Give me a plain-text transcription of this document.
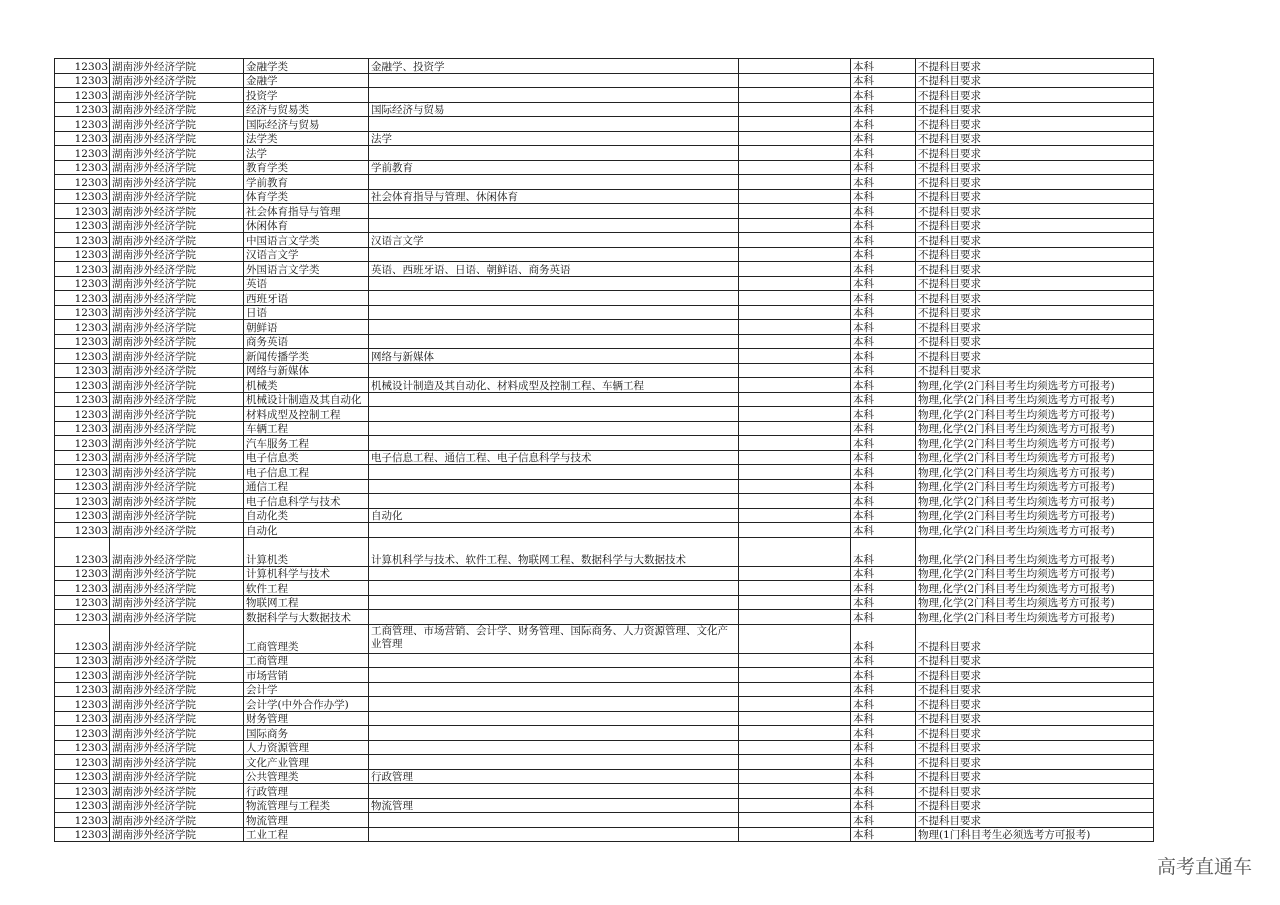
12303	湖南涉外经济学院	金融学类	金融学、投资学		本科	不提科目要求
12303	湖南涉外经济学院	金融学			本科	不提科目要求
12303	湖南涉外经济学院	投资学			本科	不提科目要求
12303	湖南涉外经济学院	经济与贸易类	国际经济与贸易		本科	不提科目要求
12303	湖南涉外经济学院	国际经济与贸易			本科	不提科目要求
12303	湖南涉外经济学院	法学类	法学		本科	不提科目要求
12303	湖南涉外经济学院	法学			本科	不提科目要求
12303	湖南涉外经济学院	教育学类	学前教育		本科	不提科目要求
12303	湖南涉外经济学院	学前教育			本科	不提科目要求
12303	湖南涉外经济学院	体育学类	社会体育指导与管理、休闲体育		本科	不提科目要求
12303	湖南涉外经济学院	社会体育指导与管理			本科	不提科目要求
12303	湖南涉外经济学院	休闲体育			本科	不提科目要求
12303	湖南涉外经济学院	中国语言文学类	汉语言文学		本科	不提科目要求
12303	湖南涉外经济学院	汉语言文学			本科	不提科目要求
12303	湖南涉外经济学院	外国语言文学类	英语、西班牙语、日语、朝鲜语、商务英语		本科	不提科目要求
12303	湖南涉外经济学院	英语			本科	不提科目要求
12303	湖南涉外经济学院	西班牙语			本科	不提科目要求
12303	湖南涉外经济学院	日语			本科	不提科目要求
12303	湖南涉外经济学院	朝鲜语			本科	不提科目要求
12303	湖南涉外经济学院	商务英语			本科	不提科目要求
12303	湖南涉外经济学院	新闻传播学类	网络与新媒体		本科	不提科目要求
12303	湖南涉外经济学院	网络与新媒体			本科	不提科目要求
12303	湖南涉外经济学院	机械类	机械设计制造及其自动化、材料成型及控制工程、车辆工程		本科	物理,化学(2门科目考生均须选考方可报考)
12303	湖南涉外经济学院	机械设计制造及其自动化			本科	物理,化学(2门科目考生均须选考方可报考)
12303	湖南涉外经济学院	材料成型及控制工程			本科	物理,化学(2门科目考生均须选考方可报考)
12303	湖南涉外经济学院	车辆工程			本科	物理,化学(2门科目考生均须选考方可报考)
12303	湖南涉外经济学院	汽车服务工程			本科	物理,化学(2门科目考生均须选考方可报考)
12303	湖南涉外经济学院	电子信息类	电子信息工程、通信工程、电子信息科学与技术		本科	物理,化学(2门科目考生均须选考方可报考)
12303	湖南涉外经济学院	电子信息工程			本科	物理,化学(2门科目考生均须选考方可报考)
12303	湖南涉外经济学院	通信工程			本科	物理,化学(2门科目考生均须选考方可报考)
12303	湖南涉外经济学院	电子信息科学与技术			本科	物理,化学(2门科目考生均须选考方可报考)
12303	湖南涉外经济学院	自动化类	自动化		本科	物理,化学(2门科目考生均须选考方可报考)
12303	湖南涉外经济学院	自动化			本科	物理,化学(2门科目考生均须选考方可报考)
12303	湖南涉外经济学院	计算机类	计算机科学与技术、软件工程、物联网工程、数据科学与大数据技术		本科	物理,化学(2门科目考生均须选考方可报考)
12303	湖南涉外经济学院	计算机科学与技术			本科	物理,化学(2门科目考生均须选考方可报考)
12303	湖南涉外经济学院	软件工程			本科	物理,化学(2门科目考生均须选考方可报考)
12303	湖南涉外经济学院	物联网工程			本科	物理,化学(2门科目考生均须选考方可报考)
12303	湖南涉外经济学院	数据科学与大数据技术			本科	物理,化学(2门科目考生均须选考方可报考)
12303	湖南涉外经济学院	工商管理类	工商管理、市场营销、会计学、财务管理、国际商务、人力资源管理、文化产业管理		本科	不提科目要求
12303	湖南涉外经济学院	工商管理			本科	不提科目要求
12303	湖南涉外经济学院	市场营销			本科	不提科目要求
12303	湖南涉外经济学院	会计学			本科	不提科目要求
12303	湖南涉外经济学院	会计学(中外合作办学)			本科	不提科目要求
12303	湖南涉外经济学院	财务管理			本科	不提科目要求
12303	湖南涉外经济学院	国际商务			本科	不提科目要求
12303	湖南涉外经济学院	人力资源管理			本科	不提科目要求
12303	湖南涉外经济学院	文化产业管理			本科	不提科目要求
12303	湖南涉外经济学院	公共管理类	行政管理		本科	不提科目要求
12303	湖南涉外经济学院	行政管理			本科	不提科目要求
12303	湖南涉外经济学院	物流管理与工程类	物流管理		本科	不提科目要求
12303	湖南涉外经济学院	物流管理			本科	不提科目要求
12303	湖南涉外经济学院	工业工程			本科	物理(1门科目考生必须选考方可报考)
高考直通车
